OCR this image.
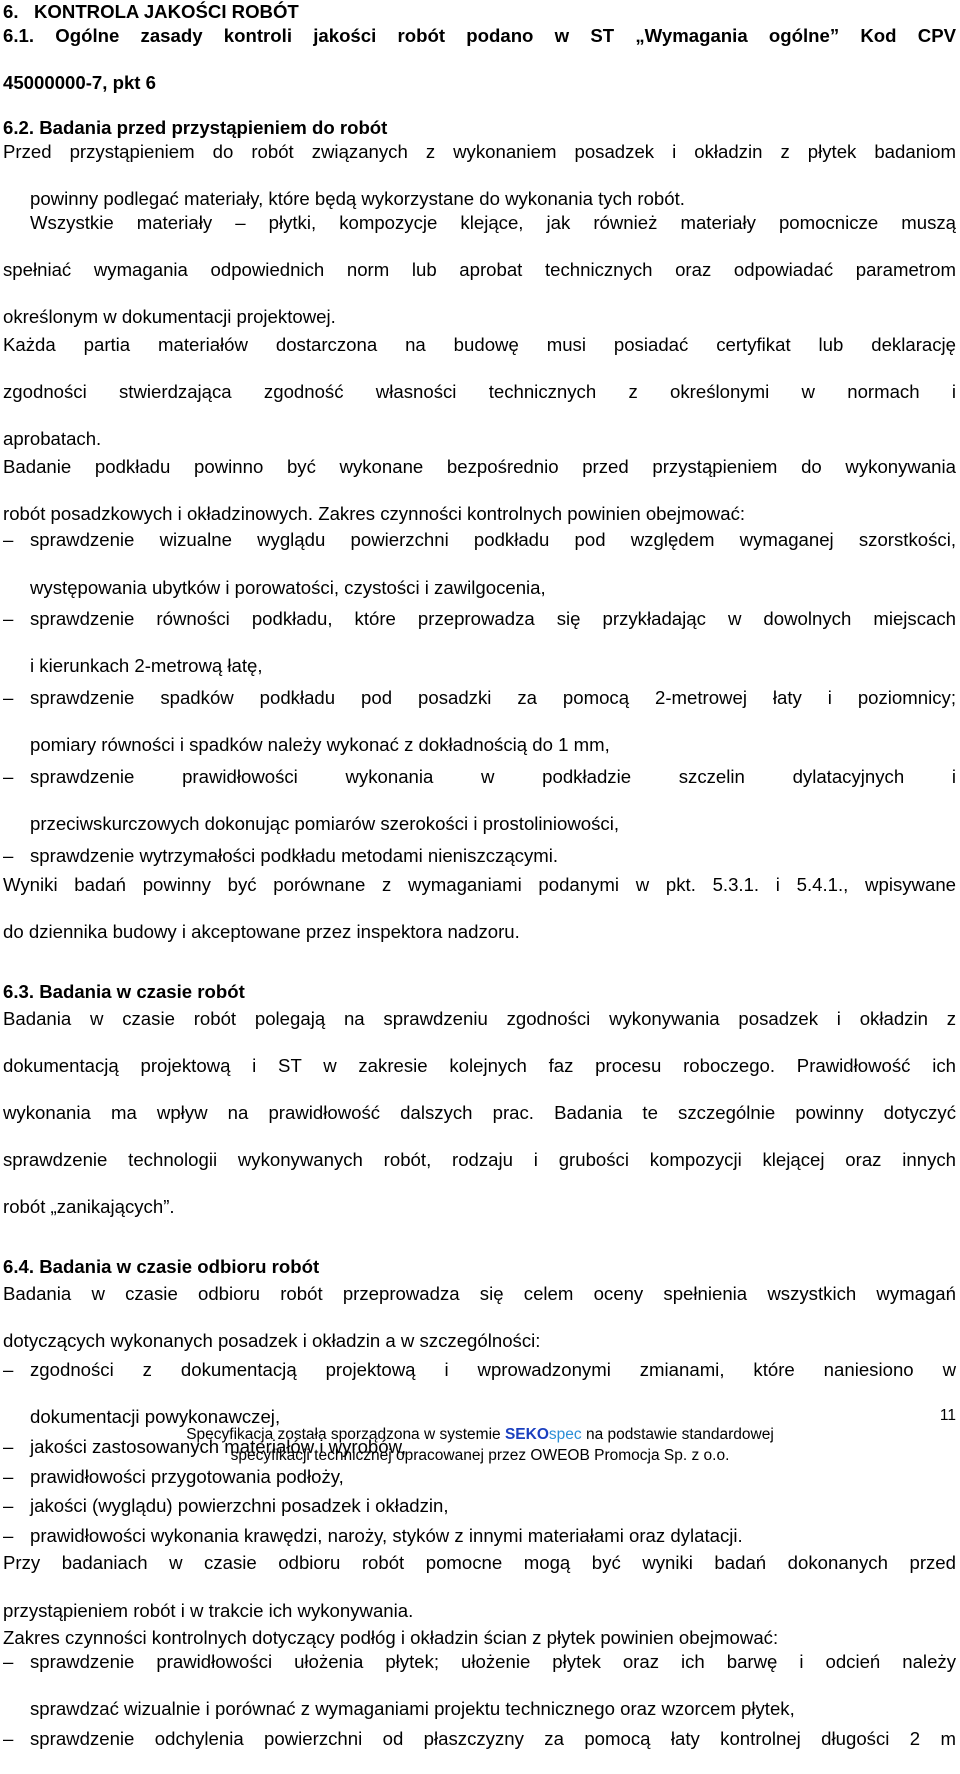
6.   KONTROLA JAKOŚCI ROBÓT

6.1. Ogólne zasady kontroli jakości robót podano w ST „Wymagania ogólne” Kod CPV

45000000-7, pkt 6

6.2. Badania przed przystąpieniem do robót

Przed przystąpieniem do robót związanych z wykonaniem posadzek i okładzin z płytek badaniom

powinny podlegać materiały, które będą wykorzystane do wykonania tych robót.

Wszystkie materiały – płytki, kompozycje klejące, jak również materiały pomocnicze muszą

spełniać wymagania odpowiednich norm lub aprobat technicznych oraz odpowiadać parametrom

określonym w dokumentacji projektowej.

Każda partia materiałów dostarczona na budowę musi posiadać certyfikat lub deklarację

zgodności stwierdzająca zgodność własności technicznych z określonymi w normach i

aprobatach.

Badanie podkładu powinno być wykonane bezpośrednio przed przystąpieniem do wykonywania

robót posadzkowych i okładzinowych. Zakres czynności kontrolnych powinien obejmować:

– sprawdzenie wizualne wyglądu powierzchni podkładu pod względem wymaganej szorstkości,
występowania ubytków i porowatości, czystości i zawilgocenia,
– sprawdzenie równości podkładu, które przeprowadza się przykładając w dowolnych miejscach
i kierunkach 2-metrową łatę,
– sprawdzenie spadków podkładu pod posadzki za pomocą 2-metrowej łaty i poziomnicy;
pomiary równości i spadków należy wykonać z dokładnością do 1 mm,
– sprawdzenie prawidłowości wykonania w podkładzie szczelin dylatacyjnych i
przeciwskurczowych dokonując pomiarów szerokości i prostoliniowości,
– sprawdzenie wytrzymałości podkładu metodami nieniszczącymi.

Wyniki badań powinny być porównane z wymaganiami podanymi w pkt. 5.3.1. i 5.4.1., wpisywane

do dziennika budowy i akceptowane przez inspektora nadzoru.

6.3. Badania w czasie robót

Badania w czasie robót polegają na sprawdzeniu zgodności wykonywania posadzek i okładzin z

dokumentacją projektową i ST w zakresie kolejnych faz procesu roboczego. Prawidłowość ich

wykonania ma wpływ na prawidłowość dalszych prac. Badania te szczególnie powinny dotyczyć

sprawdzenie technologii wykonywanych robót, rodzaju i grubości kompozycji klejącej oraz innych

robót „zanikających”.

6.4. Badania w czasie odbioru robót

Badania w czasie odbioru robót przeprowadza się celem oceny spełnienia wszystkich wymagań

dotyczących wykonanych posadzek i okładzin a w szczególności:

– zgodności z dokumentacją projektową i wprowadzonymi zmianami, które naniesiono w
dokumentacji powykonawczej,
– jakości zastosowanych materiałów i wyrobów,
– prawidłowości przygotowania podłoży,
– jakości (wyglądu) powierzchni posadzek i okładzin,
– prawidłowości wykonania krawędzi, naroży, styków z innymi materiałami oraz dylatacji.

Przy badaniach w czasie odbioru robót pomocne mogą być wyniki badań dokonanych przed

przystąpieniem robót i w trakcie ich wykonywania.

Zakres czynności kontrolnych dotyczący podłóg i okładzin ścian z płytek powinien obejmować:

– sprawdzenie prawidłowości ułożenia płytek; ułożenie płytek oraz ich barwę i odcień należy
sprawdzać wizualnie i porównać z wymaganiami projektu technicznego oraz wzorcem płytek,
– sprawdzenie odchylenia powierzchni od płaszczyzny za pomocą łaty kontrolnej długości 2 m
11
Specyfikacja została sporządzona w systemie SEKOspec na podstawie standardowej
specyfikacji technicznej opracowanej przez OWEOB Promocja Sp. z o.o.
